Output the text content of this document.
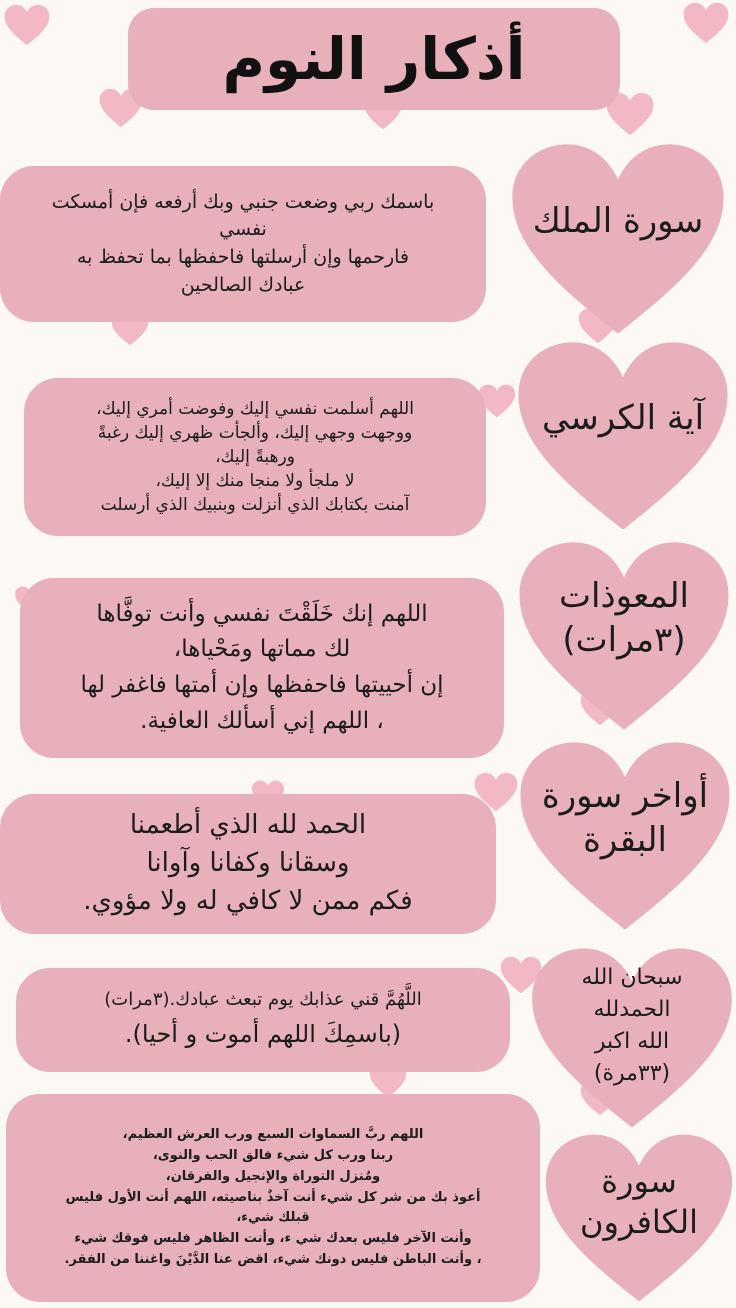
أذكار النوم
سورة الملك
آية الكرسي
المعوذات
(٣مرات)
أواخر سورة
البقرة
سبحان الله
الحمدلله
الله اكبر
(٣٣مرة)
سورة
الكافرون
باسمك ربي وضعت جنبي وبك أرفعه فإن أمسكت
نفسي
فارحمها وإن أرسلتها فاحفظها بما تحفظ به
عبادك الصالحين
اللهم أسلمت نفسي إليك وفوضت أمري إليك،
ووجهت وجهي إليك، وألجأت ظهري إليك رغبةً
ورهبةً إليك،
لا ملجأ ولا منجا منك إلا إليك،
آمنت بكتابك الذي أنزلت وبنبيك الذي أرسلت
اللهم إنك خَلَقْتَ نفسي وأنت توفَّاها
لك مماتها ومَحْياها،
إن أحييتها فاحفظها وإن أمتها فاغفر لها
، اللهم إني أسألك العافية.
الحمد لله الذي أطعمنا
وسقانا وكفانا وآوانا
فكم ممن لا كافي له ولا مؤوي.
اللَّهُمَّ قني عذابك يوم تبعث عبادك.(٣مرات)
(باسمِكَ اللهم أموت و أحيا).
اللهم ربَّ السماوات السبع ورب العرش العظيم،
ربنا ورب كل شيء فالق الحب والنوى،
ومُنزل التوراة والإنجيل والفرقان،
أعوذ بك من شر كل شيء أنت آخذٌ بناصيته، اللهم أنت الأول فليس
قبلك شيء،
وأنت الآخر فليس بعدك شي ء، وأنت الظاهر فليس فوقك شيء
، وأنت الباطن فليس دونك شيء، اقض عنا الدَّيْنَ واغننا من الفقر.
